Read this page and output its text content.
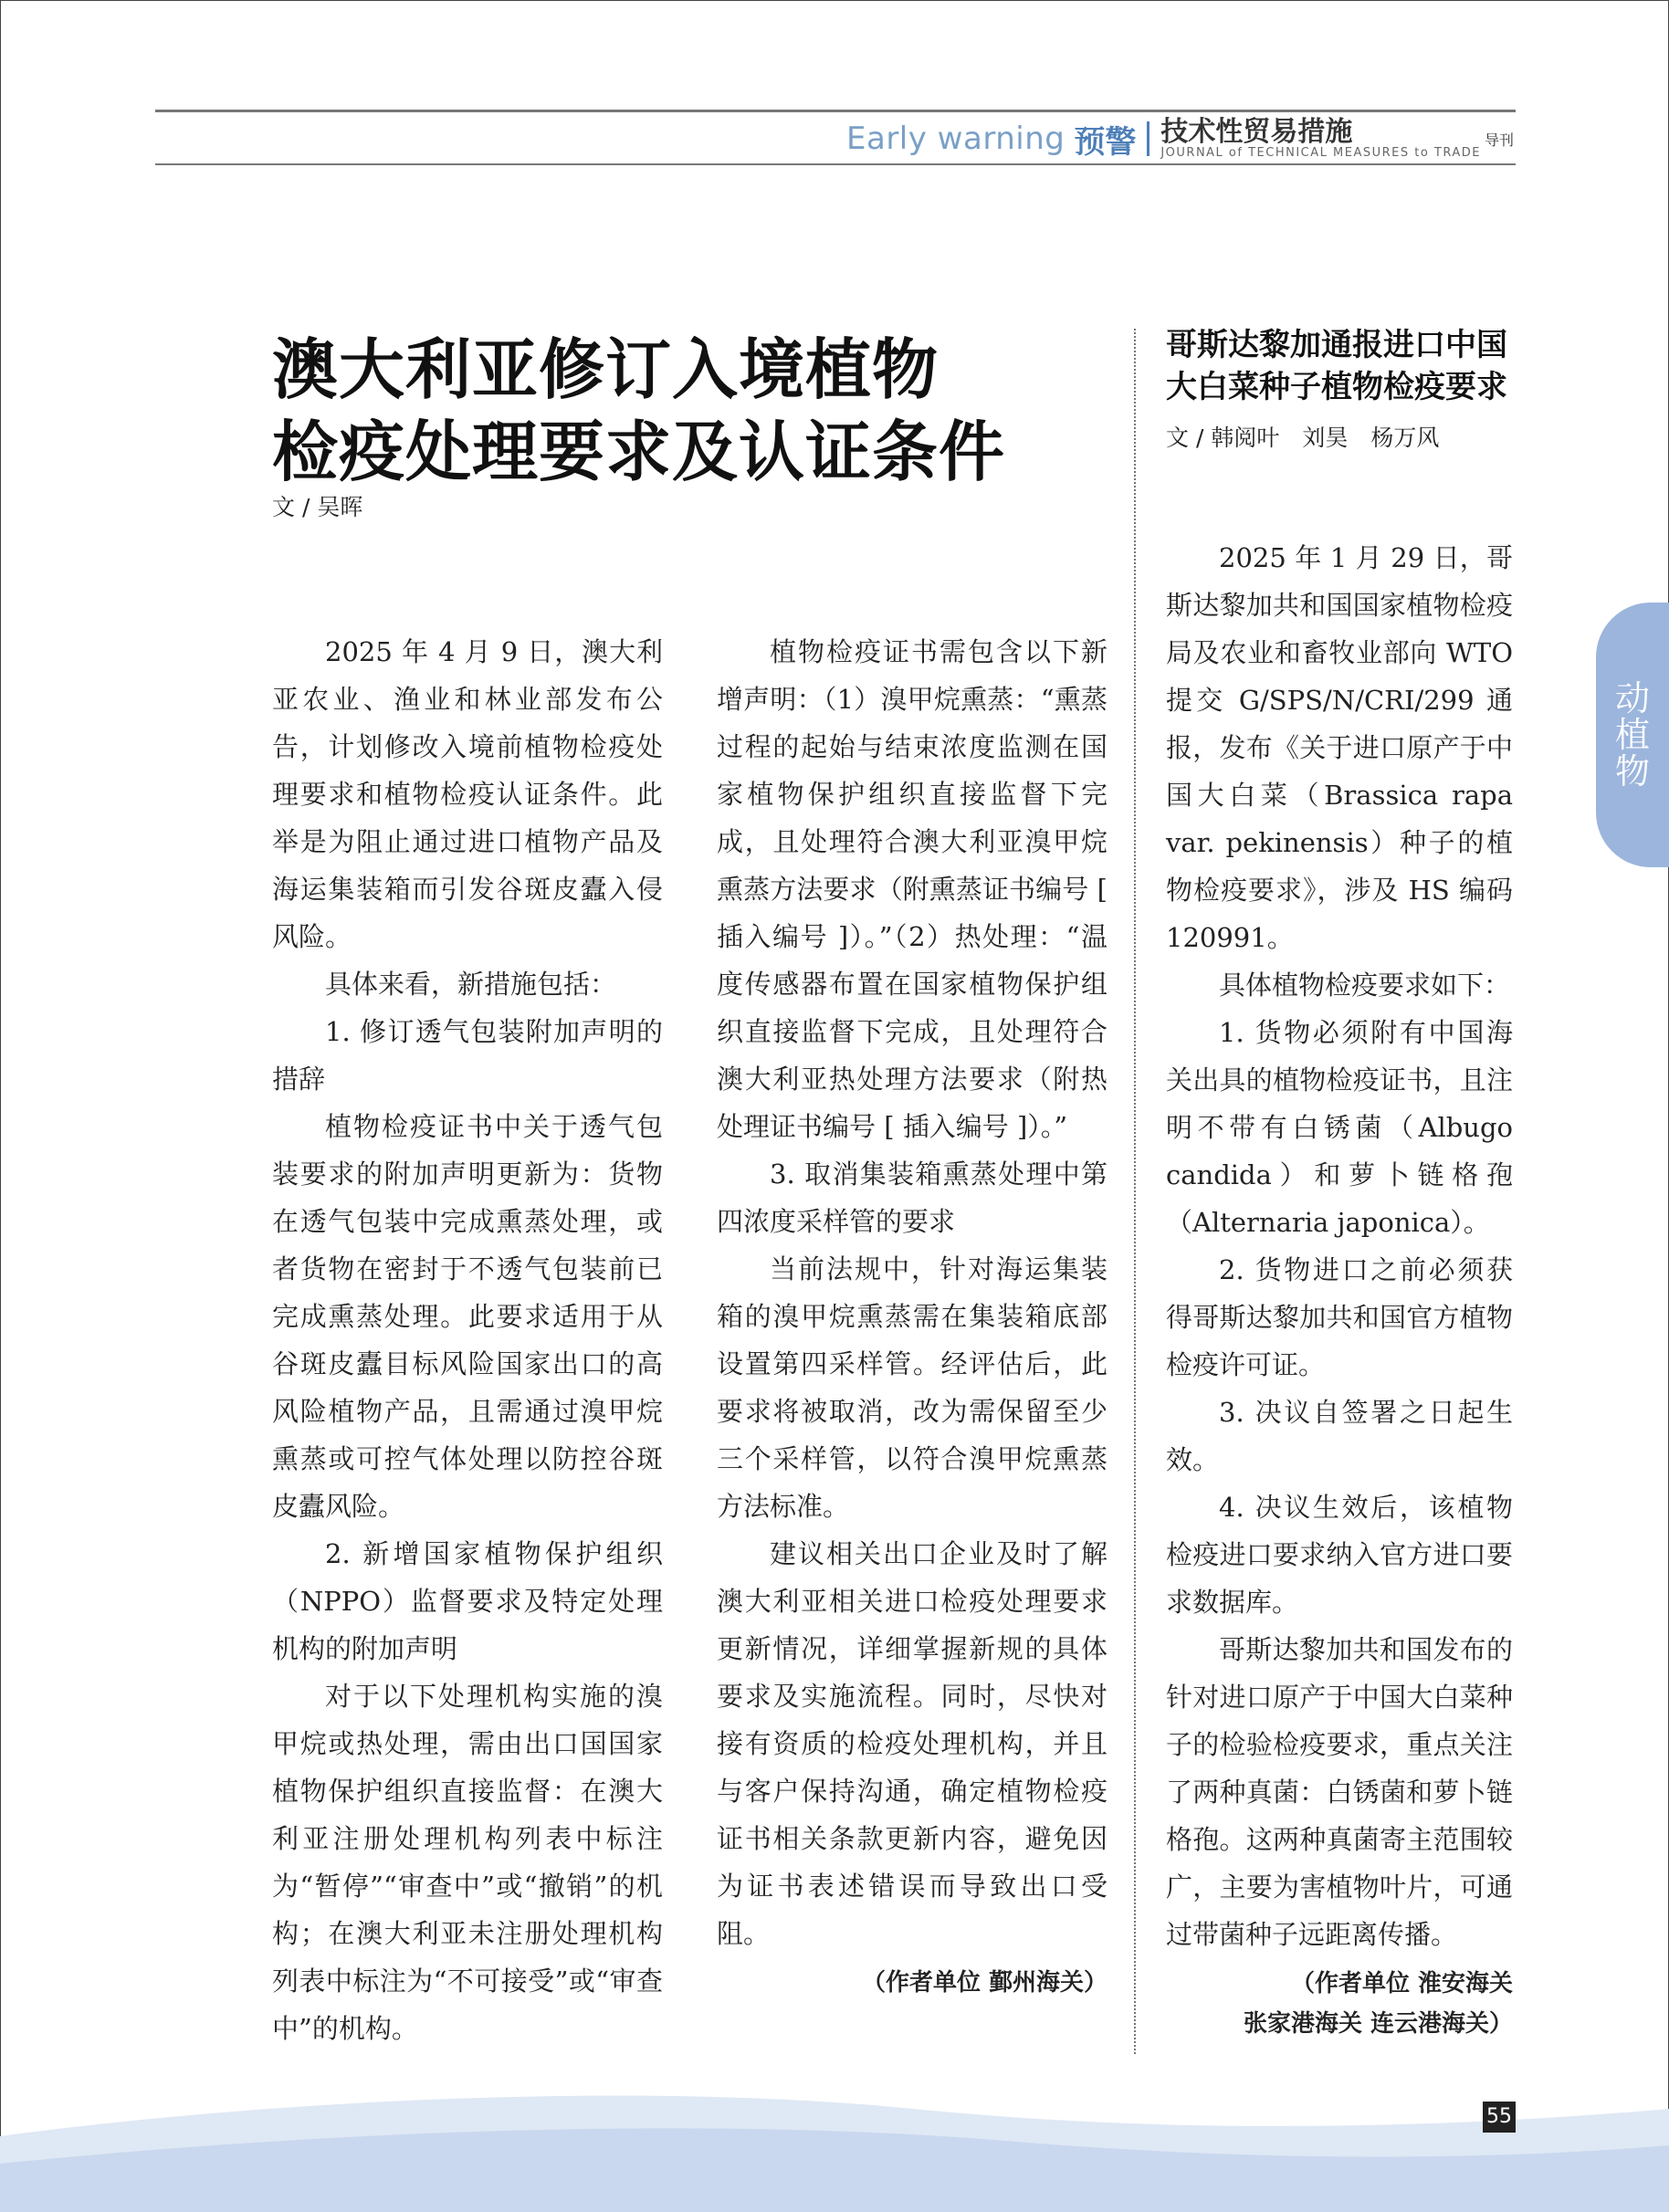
Early warning 预警 技术性贸易措施
JOURNAL of TECHNICAL MEASURES to TRADE
导刊
澳大利亚修订入境植物
检疫处理要求及认证条件
文 / 吴晖

2025 年 4 月 9 日，澳大利亚农业、渔业和林业部发布公告，计划修改入境前植物检疫处理要求和植物检疫认证条件。此举是为阻止通过进口植物产品及海运集装箱而引发谷斑皮蠹入侵风险。

具体来看，新措施包括：

1. 修订透气包装附加声明的措辞

植物检疫证书中关于透气包装要求的附加声明更新为：货物在透气包装中完成熏蒸处理，或者货物在密封于不透气包装前已完成熏蒸处理。此要求适用于从谷斑皮蠹目标风险国家出口的高风险植物产品，且需通过溴甲烷熏蒸或可控气体处理以防控谷斑皮蠹风险。

2. 新增国家植物保护组织（NPPO）监督要求及特定处理机构的附加声明

对于以下处理机构实施的溴甲烷或热处理，需由出口国国家植物保护组织直接监督：在澳大利亚注册处理机构列表中标注为“暂停”“审查中”或“撤销”的机构；在澳大利亚未注册处理机构列表中标注为“不可接受”或“审查中”的机构。

植物检疫证书需包含以下新增声明：（1）溴甲烷熏蒸：“熏蒸过程的起始与结束浓度监测在国家植物保护组织直接监督下完成，且处理符合澳大利亚溴甲烷熏蒸方法要求（附熏蒸证书编号 [ 插入编号 ]）。”（2）热处理：“温度传感器布置在国家植物保护组织直接监督下完成，且处理符合澳大利亚热处理方法要求（附热处理证书编号 [ 插入编号 ]）。”

3. 取消集装箱熏蒸处理中第四浓度采样管的要求

当前法规中，针对海运集装箱的溴甲烷熏蒸需在集装箱底部设置第四采样管。经评估后，此要求将被取消，改为需保留至少三个采样管，以符合溴甲烷熏蒸方法标准。

建议相关出口企业及时了解澳大利亚相关进口检疫处理要求更新情况，详细掌握新规的具体要求及实施流程。同时，尽快对接有资质的检疫处理机构，并且与客户保持沟通，确定植物检疫证书相关条款更新内容，避免因为证书表述错误而导致出口受阻。

（作者单位 鄞州海关）

哥斯达黎加通报进口中国
大白菜种子植物检疫要求
文 / 韩阅叶　刘昊　杨万风

2025 年 1 月 29 日，哥斯达黎加共和国国家植物检疫局及农业和畜牧业部向 WTO 提交 G/SPS/N/CRI/299 通报，发布《关于进口原产于中国大白菜（Brassica rapa var. pekinensis）种子的植物检疫要求》，涉及 HS 编码 120991。

具体植物检疫要求如下：

1. 货物必须附有中国海关出具的植物检疫证书，且注明不带有白锈菌（Albugo candida）和萝卜链格孢（Alternaria japonica）。

2. 货物进口之前必须获得哥斯达黎加共和国官方植物检疫许可证。

3. 决议自签署之日起生效。

4. 决议生效后，该植物检疫进口要求纳入官方进口要求数据库。

哥斯达黎加共和国发布的针对进口原产于中国大白菜种子的检验检疫要求，重点关注了两种真菌：白锈菌和萝卜链格孢。这两种真菌寄主范围较广，主要为害植物叶片，可通过带菌种子远距离传播。

（作者单位 淮安海关
张家港海关 连云港海关）

动植物
55
